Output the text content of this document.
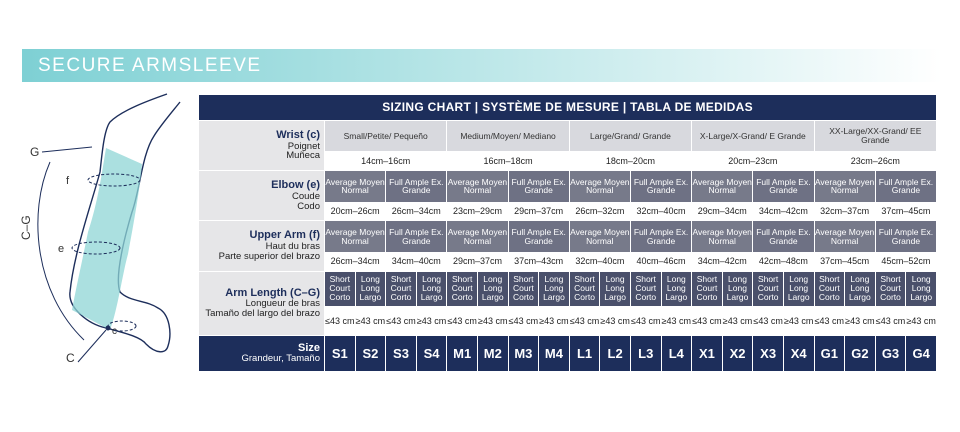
SECURE ARMSLEEVE
G
f
e
c
C
C–G
SIZING CHART | SYSTÈME DE MESURE | TABLA DE MEDIDAS																				

Wrist (c)
Poignet
Muñeca	Small/Petite/ Pequeño				Medium/Moyen/ Mediano				Large/Grand/ Grande				X-Large/X-Grand/ E Grande				XX-Large/XX-Grand/ EE Grande			
	14cm–16cm				16cm–18cm				18cm–20cm				20cm–23cm				23cm–26cm			

Elbow (e)
Coude
Codo	Average Moyen Normal		Full Ample Ex. Grande		Average Moyen Normal		Full Ample Ex. Grande		Average Moyen Normal		Full Ample Ex. Grande		Average Moyen Normal		Full Ample Ex. Grande		Average Moyen Normal		Full Ample Ex. Grande	
	20cm–26cm		26cm–34cm		23cm–29cm		29cm–37cm		26cm–32cm		32cm–40cm		29cm–34cm		34cm–42cm		32cm–37cm		37cm–45cm	

Upper Arm (f)
Haut du bras
Parte superior del brazo	Average Moyen Normal		Full Ample Ex. Grande		Average Moyen Normal		Full Ample Ex. Grande		Average Moyen Normal		Full Ample Ex. Grande		Average Moyen Normal		Full Ample Ex. Grande		Average Moyen Normal		Full Ample Ex. Grande	
	26cm–34cm		34cm–40cm		29cm–37cm		37cm–43cm		32cm–40cm		40cm–46cm		34cm–42cm		42cm–48cm		37cm–45cm		45cm–52cm	

Arm Length (C–G)
Longueur de bras
Tamaño del largo del brazo	Short Court Corto	Long Long Largo	Short Court Corto	Long Long Largo	Short Court Corto	Long Long Largo	Short Court Corto	Long Long Largo	Short Court Corto	Long Long Largo	Short Court Corto	Long Long Largo	Short Court Corto	Long Long Largo	Short Court Corto	Long Long Largo	Short Court Corto	Long Long Largo	Short Court Corto	Long Long Largo
	≤43 cm	≥43 cm	≤43 cm	≥43 cm	≤43 cm	≥43 cm	≤43 cm	≥43 cm	≤43 cm	≥43 cm	≤43 cm	≥43 cm	≤43 cm	≥43 cm	≤43 cm	≥43 cm	≤43 cm	≥43 cm	≤43 cm	≥43 cm

Size
Grandeur, Tamaño	S1	S2	S3	S4	M1	M2	M3	M4	L1	L2	L3	L4	X1	X2	X3	X4	G1	G2	G3	G4
